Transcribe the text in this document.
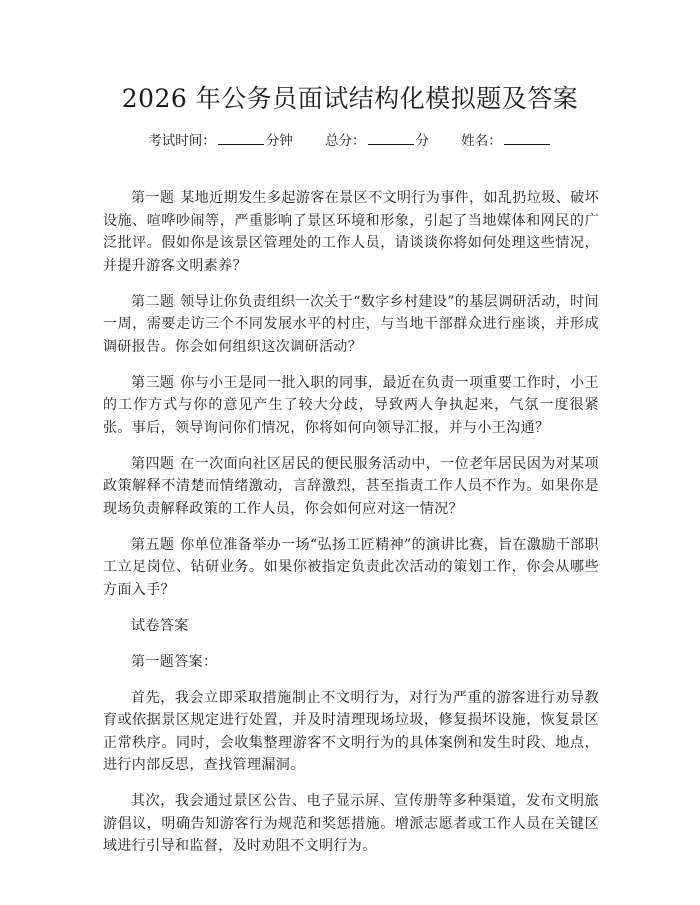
2026 年公务员面试结构化模拟题及答案
考试时间：	分钟 总分：	分 姓名：

第一题 某地近期发生多起游客在景区不文明行为事件，如乱扔垃圾、破坏设施、喧哗吵闹等，严重影响了景区环境和形象，引起了当地媒体和网民的广泛批评。假如你是该景区管理处的工作人员，请谈谈你将如何处理这些情况，并提升游客文明素养？

第二题 领导让你负责组织一次关于“数字乡村建设”的基层调研活动，时间一周，需要走访三个不同发展水平的村庄，与当地干部群众进行座谈，并形成调研报告。你会如何组织这次调研活动？

第三题 你与小王是同一批入职的同事，最近在负责一项重要工作时，小王的工作方式与你的意见产生了较大分歧，导致两人争执起来，气氛一度很紧张。事后，领导询问你们情况，你将如何向领导汇报，并与小王沟通？

第四题 在一次面向社区居民的便民服务活动中，一位老年居民因为对某项政策解释不清楚而情绪激动，言辞激烈，甚至指责工作人员不作为。如果你是现场负责解释政策的工作人员，你会如何应对这一情况？

第五题 你单位准备举办一场“弘扬工匠精神”的演讲比赛，旨在激励干部职工立足岗位、钻研业务。如果你被指定负责此次活动的策划工作，你会从哪些方面入手？

试卷答案

第一题答案：

首先，我会立即采取措施制止不文明行为，对行为严重的游客进行劝导教育或依据景区规定进行处置，并及时清理现场垃圾，修复损坏设施，恢复景区正常秩序。同时，会收集整理游客不文明行为的具体案例和发生时段、地点，进行内部反思，查找管理漏洞。

其次，我会通过景区公告、电子显示屏、宣传册等多种渠道，发布文明旅游倡议，明确告知游客行为规范和奖惩措施。增派志愿者或工作人员在关键区域进行引导和监督，及时劝阻不文明行为。
